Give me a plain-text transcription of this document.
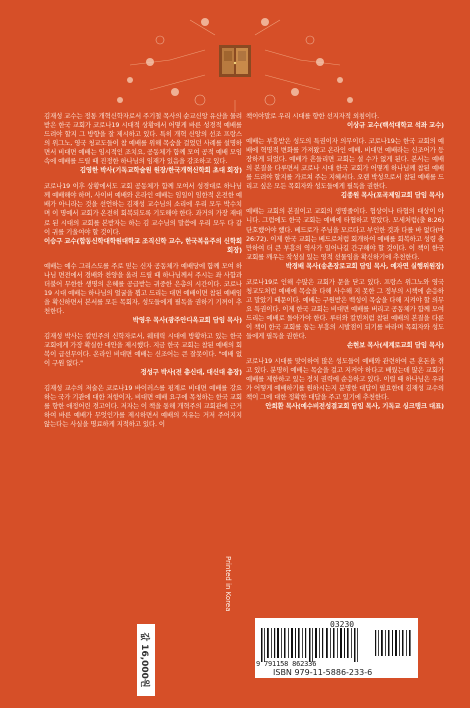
김재성 교수는 정통 개혁신학자로서 주기철 목사의 순교신앙 유산을 물려받은 한국 교회가 코로나19 시대적 상황에서 어떻게 바른 성경적 예배를 드려야 할지 그 방향을 잘 제시하고 있다. 특히 개혁 신앙의 선조 프랑스의 위그노, 영국 청교도들이 참 예배를 위해 목숨을 걸었던 사례를 설명하면서 비대면 예배는 임시적인 조치요, 공동체가 함께 모여 공적 예배 모임 속에 예배를 드릴 때 진정한 하나님의 임재가 있음을 강조하고 있다.

김영한 박사(기독교학술원 원장/한국개혁신학회 초대 회장)

코로나19 이후 상황에서도 교회 공동체가 함께 모여서 성경대로 하나님께 예배해야 하며, 사이버 예배와 온라인 예배는 임일이 임한적 온전한 예배가 아니라는 것을 선언하는 김재성 교수님의 소리에 우리 모두 박수치며 이 명예서 교회가 온전히 회복되도록 기도해야 한다. 과거의 가장 재대로 된 시대의 교회를 본받자는 하는 김 교수님의 말씀에 우리 모두 다 같이 귀를 기울여야 할 것이다.

이승구 교수(합동신학대학원대학교 조직신학 교수, 한국복음주의 신학회 회장)

예배는 예수 그리스도를 주로 믿는 신자 공동체가 예배당에 함께 모여 하나님 면전에서 경배와 찬양을 올려 드릴 때 하나님께서 주시는 좌 사함과 더불어 무한한 생명의 은혜를 공급받는 귀중한 은총의 시간이다. 코로나19 시대 예배는 하나님의 얼굴을 뵙고 드리는 대면 예배이면 참된 예배임을 확신하면서 본서를 모든 목회자, 성도들에게 필독을 권하기 기꺼이 추천한다.

박영우 목사(광주안디옥교회 담임 목사)

김재성 박사는 칼빈주의 신학자로서, 웨테릭 시대에 방황하고 있는 한국 교회에게 가장 확실한 대안을 제시했다. 지금 한국 교회는 참된 예배의 회복이 급선무이다. 온라인 비대면 예배는 신조어는 큰 잘못이다. "예배 없이 구원 없다."

정성구 박사(전 총신대, 대신대 총장)

김재성 교수의 저술은 코로나19 바이러스를 핑계로 비대면 예배를 강요하는 국가 기관에 대한 저항이자, 비대면 예배 요구에 목청하는 한국 교회를 향한 애정어린 경고이다. 저자는 이 책을 통해 개혁주의 교회관에 근거하여 바른 예배가 무엇인가를 제시하면서 예배의 지유는 거저 주어지지 않는다는 사실을 명료하게 지적하고 있다. 이

책이야말로 우리 시대를 향한 선지자적 외침이다.

이상규 교수(백석대학교 석좌 교수)

예배는 부흥받은 성도의 특권이자 의무이다. 코로나19는 한국 교회의 예배에 혁명적 변화를 가져왔고 온라인 예배, 비대면 예배라는 신조어가 등장하게 되었다. 예배가 흔들리면 교회는 설 수가 없게 된다. 본서는 예배의 본질을 다루면서 코로나 시대 한국 교회가 어떻게 하나님께 참된 예배를 드려야 할지를 가르쳐 주는 지혜서다. 오랜 박성으로서 참된 예배를 드리고 싶은 모든 목회자와 성도들에게 필독을 권한다.

김종원 목사(포곡제일교회 담임 목사)

예배는 교회의 본질이고 교회의 생명줄이다. 협상이나 타협의 대상이 아니다. 그럼에도 한국 교회는 예배에 타협하고 말았다. 모세처럼(출 8:26) 단호했어야 했다. 베드로가 주님을 모르다고 부인한 것과 다를 바 없다(마 26:72). 이제 한국 교회는 베드로처럼 회개하여 예배를 회복하고 성령 충만하여 더 큰 부흥의 역사가 일어나길 간구해야 할 것이다. 이 책이 한국 교회를 깨우는 작성실 있는 영적 선물임을 확신하기에 추천한다.

박경배 목사(송촌장로교회 담임 목사, 예자연 실행위원장)

코로나19로 인해 수많은 교회가 문을 닫고 있다. 프랑스 위그노와 영국 청교도처럼 예배에 목숨을 다해 사수해 지 못한 그 정부의 시책에 순응하고 말았기 때문이다. 예배는 구원받은 백성이 목숨을 다해 지켜야 할 의무요 특권이다. 이제 한국 교회는 비대면 예배를 버리고 공동체가 함께 모여 드리는 예배로 돌아가야 한다. 루터와 칼빈처럼 참된 예배의 본질을 다룬 이 책이 한국 교회를 돕는 부흥의 시발점이 되기를 바라며 목회자와 성도들에게 필독을 권한다.

손현보 목사(세계로교회 담임 목사)

코로나19 시대를 맞이하여 많은 성도들이 예배와 관련하여 큰 혼돈을 겪고 있다. 분명히 예배는 목숨을 걸고 지켜야 하다고 배웠는데 많은 교회가 예배를 제한하고 있는 정치 권력에 순응하고 있다. 이럴 때 하나님은 우리가 어떻게 예배하기를 원하시는지 분명한 대답이 필요한데 김재성 교수의 책이 그에 대한 정확한 대답을 주고 있기에 추천한다.

안희환 목사(예수비전성결교회 담임 목사, 기독교 싱크탱크 대표)

Printed in Korea
값 16,000원
03230
9 791158 862336
ISBN 979-11-5886-233-6
